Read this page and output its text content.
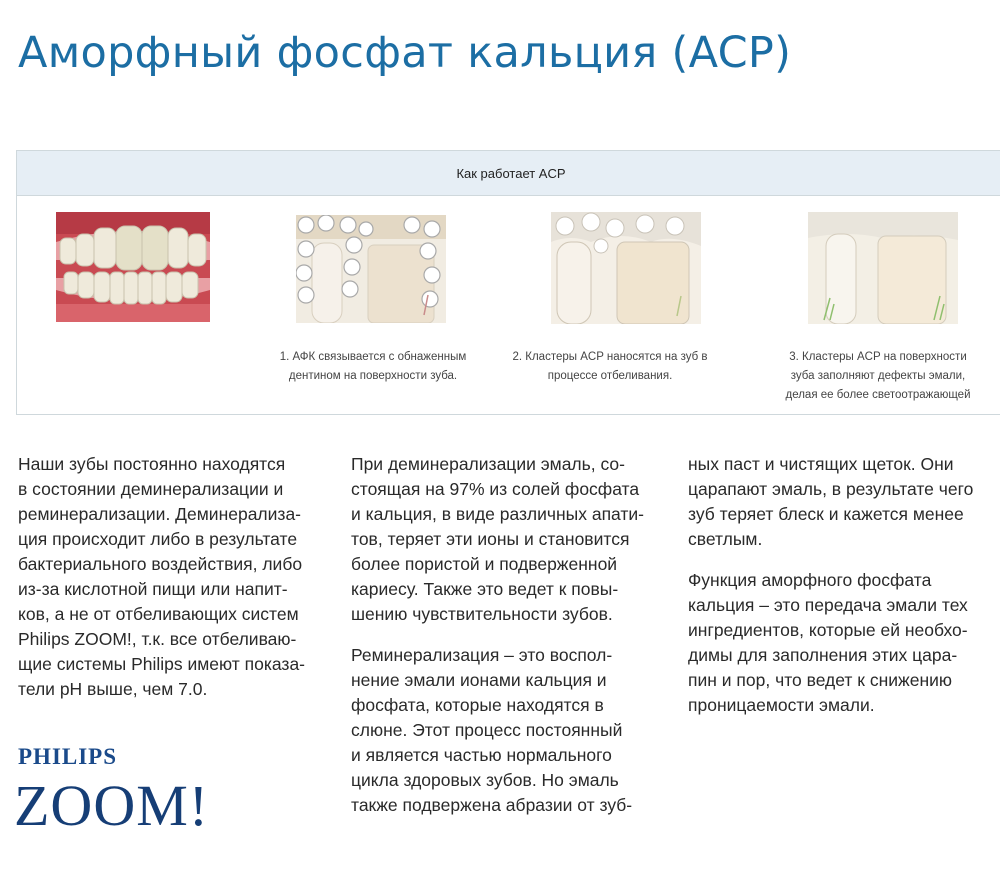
Аморфный фосфат кальция (ACP)
Как работает ACP
1. АФК связывается с обнаженным
дентином на поверхности зуба.
2. Кластеры ACP наносятся на зуб в
процессе отбеливания.
3. Кластеры ACP на поверхности
зуба заполняют дефекты эмали,
делая ее более светоотражающей

Наши зубы постоянно находятся
в состоянии деминерализации и
реминерализации. Деминерализа-
ция происходит либо в результате
бактериального воздействия, либо
из-за кислотной пищи или напит-
ков, а не от отбеливающих систем
Philips ZOOM!, т.к. все отбеливаю-
щие системы Philips имеют показа-
тели pH выше, чем 7.0.

При деминерализации эмаль, со-
стоящая на 97% из солей фосфата
и кальция, в виде различных апати-
тов, теряет эти ионы и становится
более пористой и подверженной
кариесу. Также это ведет к повы-
шению чувствительности зубов.

Реминерализация – это воспол-
нение эмали ионами кальция и
фосфата, которые находятся в
слюне. Этот процесс постоянный
и является частью нормального
цикла здоровых зубов. Но эмаль
также подвержена абразии от зуб-

ных паст и чистящих щеток. Они
царапают эмаль, в результате чего
зуб теряет блеск и кажется менее
светлым.

Функция аморфного фосфата
кальция – это передача эмали тех
ингредиентов, которые ей необхо-
димы для заполнения этих цара-
пин и пор, что ведет к снижению
проницаемости эмали.

PHILIPS
ZOOM!
